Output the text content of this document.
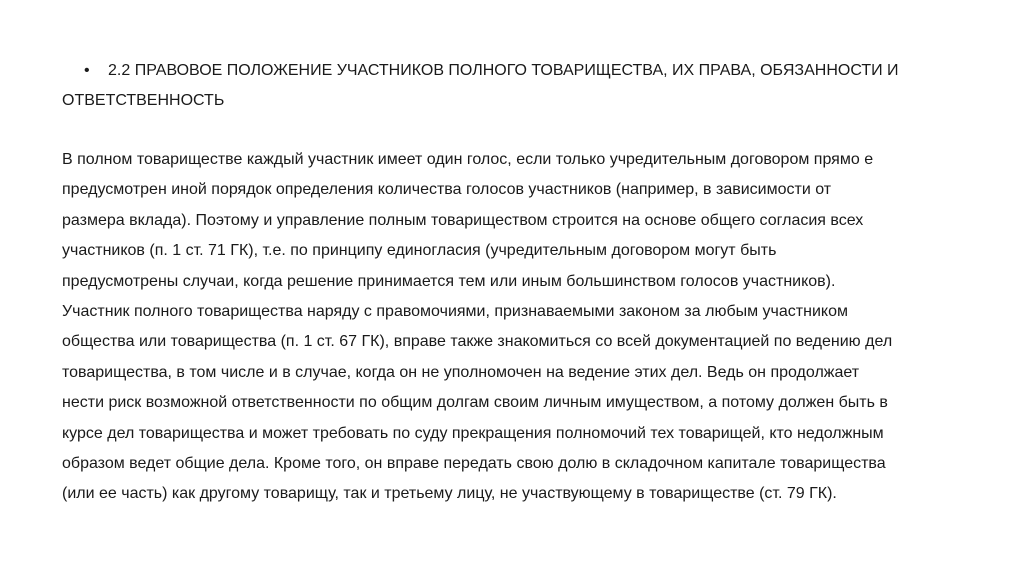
• 2.2 ПРАВОВОЕ ПОЛОЖЕНИЕ УЧАСТНИКОВ ПОЛНОГО ТОВАРИЩЕСТВА, ИХ ПРАВА, ОБЯЗАННОСТИ И
ОТВЕТСТВЕННОСТЬ
В полном товариществе каждый участник имеет один голос, если только учредительным договором прямо е
предусмотрен иной порядок определения количества голосов участников (например, в зависимости от
размера вклада). Поэтому и управление полным товариществом строится на основе общего согласия всех
участников (п. 1 ст. 71 ГК), т.е. по принципу единогласия (учредительным договором могут быть
предусмотрены случаи, когда решение принимается тем или иным большинством голосов участников).
Участник полного товарищества наряду с правомочиями, признаваемыми законом за любым участником
общества или товарищества (п. 1 ст. 67 ГК), вправе также знакомиться со всей документацией по ведению дел
товарищества, в том числе и в случае, когда он не уполномочен на ведение этих дел. Ведь он продолжает
нести риск возможной ответственности по общим долгам своим личным имуществом, а потому должен быть в
курсе дел товарищества и может требовать по суду прекращения полномочий тех товарищей, кто недолжным
образом ведет общие дела. Кроме того, он вправе передать свою долю в складочном капитале товарищества
(или ее часть) как другому товарищу, так и третьему лицу, не участвующему в товариществе (ст. 79 ГК).
